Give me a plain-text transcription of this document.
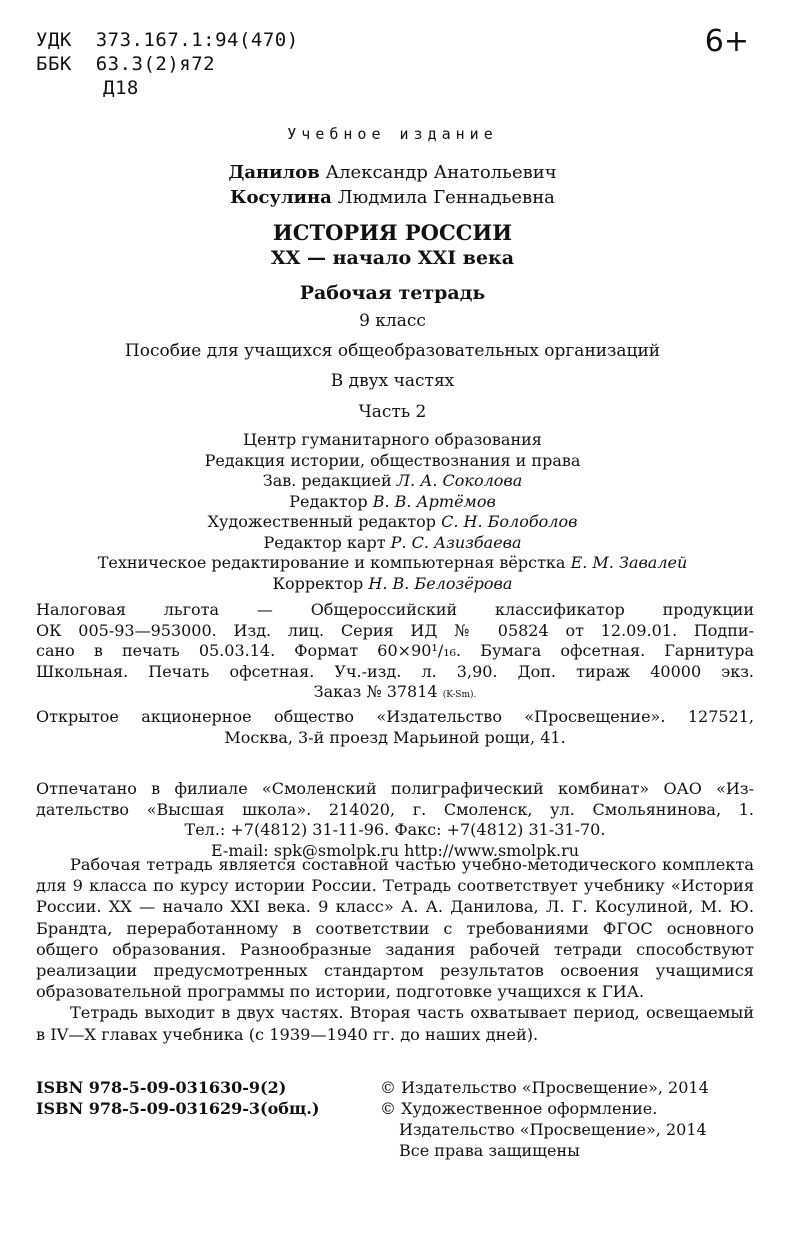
УДК  373.167.1:94(470)
ББК  63.3(2)я72
Д18
6+
Учебное издание
Данилов Александр Анатольевич
Косулина Людмила Геннадьевна
ИСТОРИЯ РОССИИ
XX — начало XXI века
Рабочая тетрадь
9 класс
Пособие для учащихся общеобразовательных организаций
В двух частях
Часть 2
Центр гуманитарного образования
Редакция истории, обществознания и права
Зав. редакцией Л. А. Соколова
Редактор В. В. Артёмов
Художественный редактор С. Н. Болоболов
Редактор карт Р. С. Азизбаева
Техническое редактирование и компьютерная вёрстка Е. М. Завалей
Корректор Н. В. Белозёрова
Налоговая льгота — Общероссийский классификатор продукции
ОК 005-93—953000. Изд. лиц. Серия ИД № 05824 от 12.09.01. Подпи-
сано в печать 05.03.14. Формат 60×90¹/₁₆. Бумага офсетная. Гарнитура
Школьная. Печать офсетная. Уч.-изд. л. 3,90. Доп. тираж 40000 экз.
Заказ № 37814 (K-Sm).
Открытое акционерное общество «Издательство «Просвещение». 127521,
Москва, 3-й проезд Марьиной рощи, 41.
Отпечатано в филиале «Смоленский полиграфический комбинат» ОАО «Из-
дательство «Высшая школа». 214020, г. Смоленск, ул. Смольянинова, 1.
Тел.: +7(4812) 31-11-96. Факс: +7(4812) 31-31-70.
E-mail: spk@smolpk.ru http://www.smolpk.ru

Рабочая тетрадь является составной частью учебно-методического комплекта для 9 класса по курсу истории России. Тетрадь соответствует учебнику «История России. XX — начало XXI века. 9 класс» А. А. Данилова, Л. Г. Косулиной, М. Ю. Брандта, переработанному в соответствии с требованиями ФГОС основного общего образования. Разнообразные задания рабочей тетради способствуют реализации предусмотренных стандартом результатов освоения учащимися образовательной программы по истории, подготовке учащихся к ГИА.

Тетрадь выходит в двух частях. Вторая часть охватывает период, освещаемый в IV—X главах учебника (с 1939—1940 гг. до наших дней).

ISBN 978-5-09-031630-9(2)
ISBN 978-5-09-031629-3(общ.)
© Издательство «Просвещение», 2014
© Художественное оформление.
Издательство «Просвещение», 2014
Все права защищены
